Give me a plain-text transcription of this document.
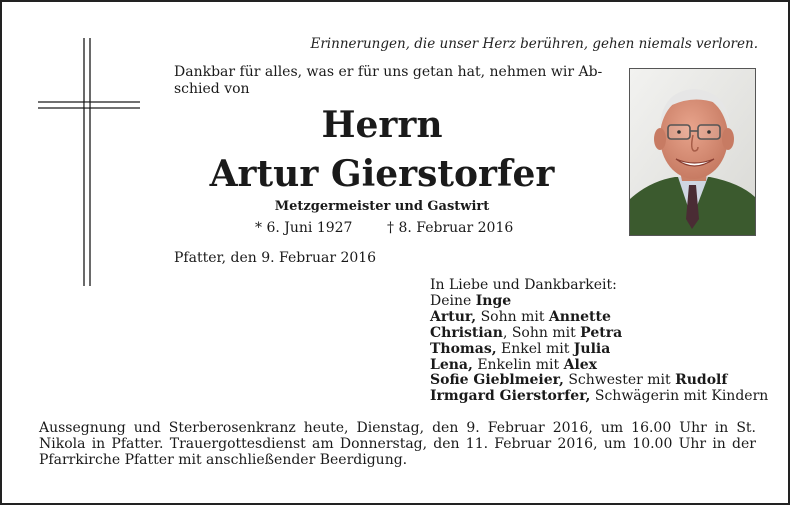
Erinnerungen, die unser Herz berühren, gehen niemals verloren.
Dankbar für alles, was er für uns getan hat, nehmen wir Ab-
schied von
Herrn
Artur Gierstorfer
Metzgermeister und Gastwirt
* 6. Juni 1927 † 8. Februar 2016
Pfatter, den 9. Februar 2016
In Liebe und Dankbarkeit:
Deine Inge
Artur, Sohn mit Annette
Christian, Sohn mit Petra
Thomas, Enkel mit Julia
Lena, Enkelin mit Alex
Sofie Gieblmeier, Schwester mit Rudolf
Irmgard Gierstorfer, Schwägerin mit Kindern
Aussegnung und Sterberosenkranz heute, Dienstag, den 9. Februar 2016, um 16.00 Uhr in St. Nikola in Pfatter. Trauergottesdienst am Donnerstag, den 11. Februar 2016, um 10.00 Uhr in der Pfarrkirche Pfatter mit anschließender Beerdigung.
